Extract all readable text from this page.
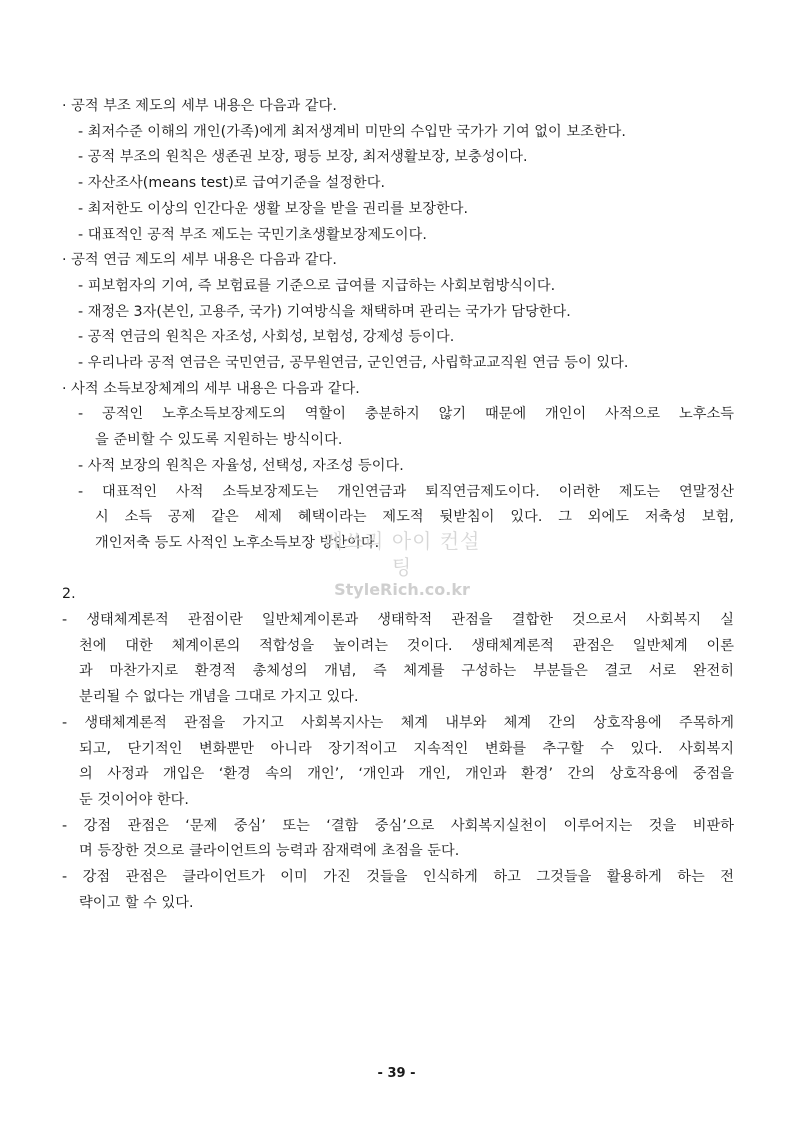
· 공적 부조 제도의 세부 내용은 다음과 같다.
- 최저수준 이해의 개인(가족)에게 최저생계비 미만의 수입만 국가가 기여 없이 보조한다.
- 공적 부조의 원칙은 생존권 보장, 평등 보장, 최저생활보장, 보충성이다.
- 자산조사(means test)로 급여기준을 설정한다.
- 최저한도 이상의 인간다운 생활 보장을 받을 권리를 보장한다.
- 대표적인 공적 부조 제도는 국민기초생활보장제도이다.
· 공적 연금 제도의 세부 내용은 다음과 같다.
- 피보험자의 기여, 즉 보험료를 기준으로 급여를 지급하는 사회보험방식이다.
- 재정은 3자(본인, 고용주, 국가) 기여방식을 채택하며 관리는 국가가 담당한다.
- 공적 연금의 원칙은 자조성, 사회성, 보험성, 강제성 등이다.
- 우리나라 공적 연금은 국민연금, 공무원연금, 군인연금, 사립학교교직원 연금 등이 있다.
· 사적 소득보장체계의 세부 내용은 다음과 같다.
- 공적인 노후소득보장제도의 역할이 충분하지 않기 때문에 개인이 사적으로 노후소득
을 준비할 수 있도록 지원하는 방식이다.
- 사적 보장의 원칙은 자율성, 선택성, 자조성 등이다.
- 대표적인 사적 소득보장제도는 개인연금과 퇴직연금제도이다. 이러한 제도는 연말정산
시 소득 공제 같은 세제 혜택이라는 제도적 뒷받침이 있다. 그 외에도 저축성 보험,
개인저축 등도 사적인 노후소득보장 방안이다.
2.
- 생태체계론적 관점이란 일반체계이론과 생태학적 관점을 결합한 것으로서 사회복지 실
천에 대한 체계이론의 적합성을 높이려는 것이다. 생태체계론적 관점은 일반체계 이론
과 마찬가지로 환경적 총체성의 개념, 즉 체계를 구성하는 부분들은 결코 서로 완전히
분리될 수 없다는 개념을 그대로 가지고 있다.
- 생태체계론적 관점을 가지고 사회복지사는 체계 내부와 체계 간의 상호작용에 주목하게
되고, 단기적인 변화뿐만 아니라 장기적이고 지속적인 변화를 추구할 수 있다. 사회복지
의 사정과 개입은 ‘환경 속의 개인’, ‘개인과 개인, 개인과 환경’ 간의 상호작용에 중점을
둔 것이어야 한다.
- 강점 관점은 ‘문제 중심’ 또는 ‘결함 중심’으로 사회복지실천이 이루어지는 것을 비판하
며 등장한 것으로 클라이언트의 능력과 잠재력에 초점을 둔다.
- 강점 관점은 클라이언트가 이미 가진 것들을 인식하게 하고 그것들을 활용하게 하는 전
략이고 할 수 있다.
레쓰리 아이 컨설팅
StyleRich.co.kr
- 39 -
